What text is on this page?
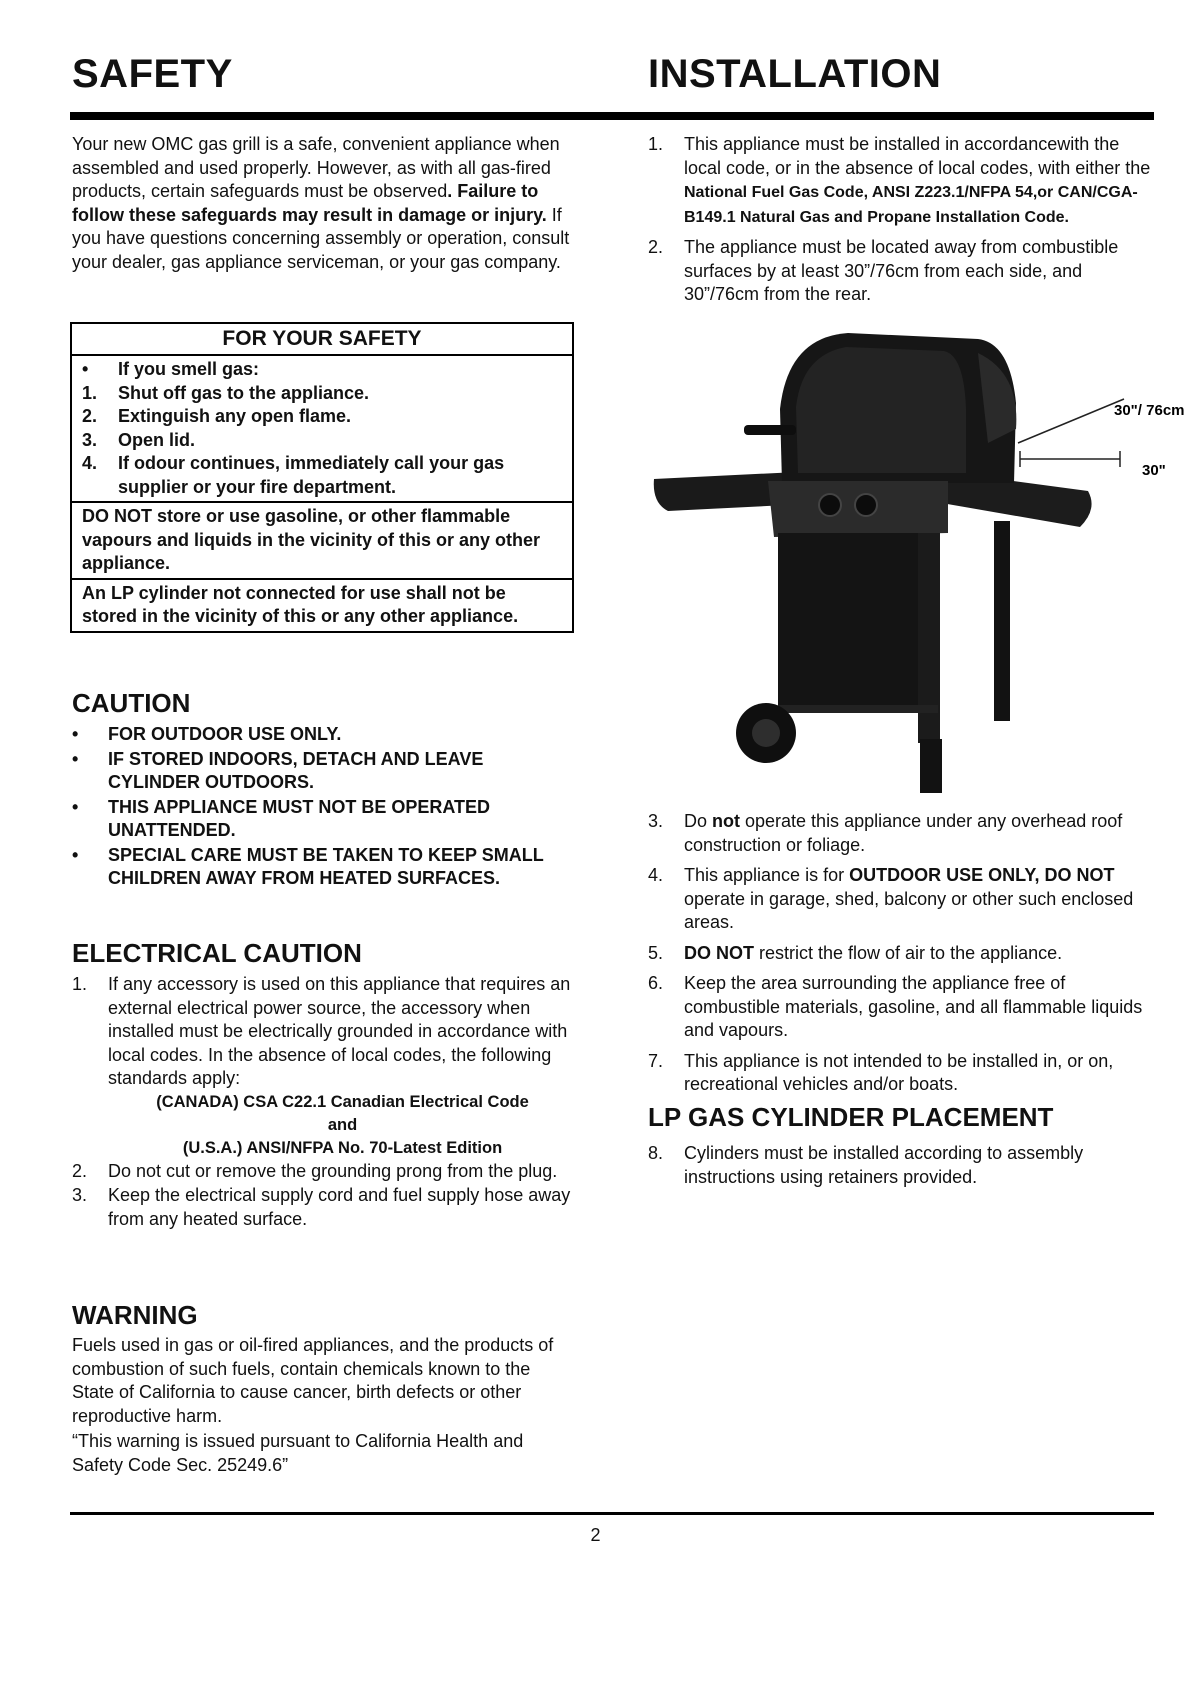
SAFETY	INSTALLATION

Your new OMC gas grill is a safe, convenient appliance when assembled and used properly. However, as with all gas-fired products, certain safeguards must be observed. Failure to follow these safeguards may result in damage or injury. If you have questions concerning assembly or operation, consult your dealer, gas appliance serviceman, or your gas company.

FOR YOUR SAFETY
• If you smell gas:
1. Shut off gas to the appliance.
2. Extinguish any open flame.
3. Open lid.
4. If odour continues, immediately call your gas supplier or your fire department.
DO NOT store or use gasoline, or other flammable vapours and liquids in the vicinity of this or any other appliance.
An LP cylinder not connected for use shall not be stored in the vicinity of this or any other appliance.
CAUTION
• FOR OUTDOOR USE ONLY.
• IF STORED INDOORS, DETACH AND LEAVE CYLINDER OUTDOORS.
• THIS APPLIANCE MUST NOT BE OPERATED UNATTENDED.
• SPECIAL CARE MUST BE TAKEN TO KEEP SMALL CHILDREN AWAY FROM HEATED SURFACES.
ELECTRICAL CAUTION
1. If any accessory is used on this appliance that requires an external electrical power source, the accessory when installed must be electrically grounded in accordance with local codes. In the absence of local codes, the following standards apply:
(CANADA) CSA C22.1 Canadian Electrical Code
and
(U.S.A.) ANSI/NFPA No. 70-Latest Edition
2. Do not cut or remove the grounding prong from the plug.
3. Keep the electrical supply cord and fuel supply hose away from any heated surface.
WARNING

Fuels used in gas or oil-fired appliances, and the products of combustion of such fuels, contain chemicals known to the State of California to cause cancer, birth defects or other reproductive harm.

“This warning is issued pursuant to California Health and Safety Code Sec. 25249.6”

1. This appliance must be installed in accordancewith the local code, or in the absence of local codes, with either the National Fuel Gas Code, ANSI Z223.1/NFPA 54,or CAN/CGA-B149.1 Natural Gas and Propane Installation Code.
2. The appliance must be located away from combustible surfaces by at least 30”/76cm from each side, and 30”/76cm from the rear.
30"/ 76cm
30"
3. Do not operate this appliance under any overhead roof construction or foliage.
4. This appliance is for OUTDOOR USE ONLY, DO NOT operate in garage, shed, balcony or other such enclosed areas.
5. DO NOT restrict the flow of air to the appliance.
6. Keep the area surrounding the appliance free of combustible materials, gasoline, and all flammable liquids and vapours.
7. This appliance is not intended to be installed in, or on, recreational vehicles and/or boats.
LP GAS CYLINDER PLACEMENT
8. Cylinders must be installed according to assembly instructions using retainers provided.
2
